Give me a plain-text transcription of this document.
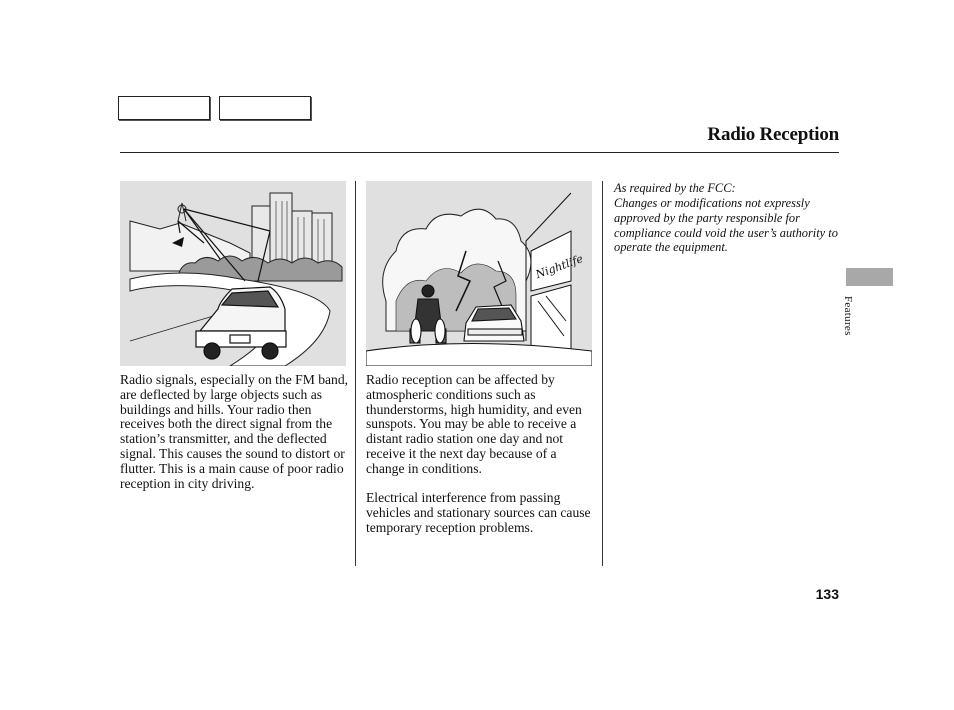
Radio Reception
Nightlife
Radio signals, especially on the FM band, are deflected by large objects such as buildings and hills. Your radio then receives both the direct signal from the station’s transmitter, and the deflected signal. This causes the sound to distort or flutter. This is a main cause of poor radio reception in city driving.
Radio reception can be affected by atmospheric conditions such as thunderstorms, high humidity, and even sunspots. You may be able to receive a distant radio station one day and not receive it the next day because of a change in conditions.
Electrical interference from passing vehicles and stationary sources can cause temporary reception problems.
As required by the FCC:
Changes or modifications not expressly approved by the party responsible for compliance could void the user’s authority to operate the equipment.
Features
133
